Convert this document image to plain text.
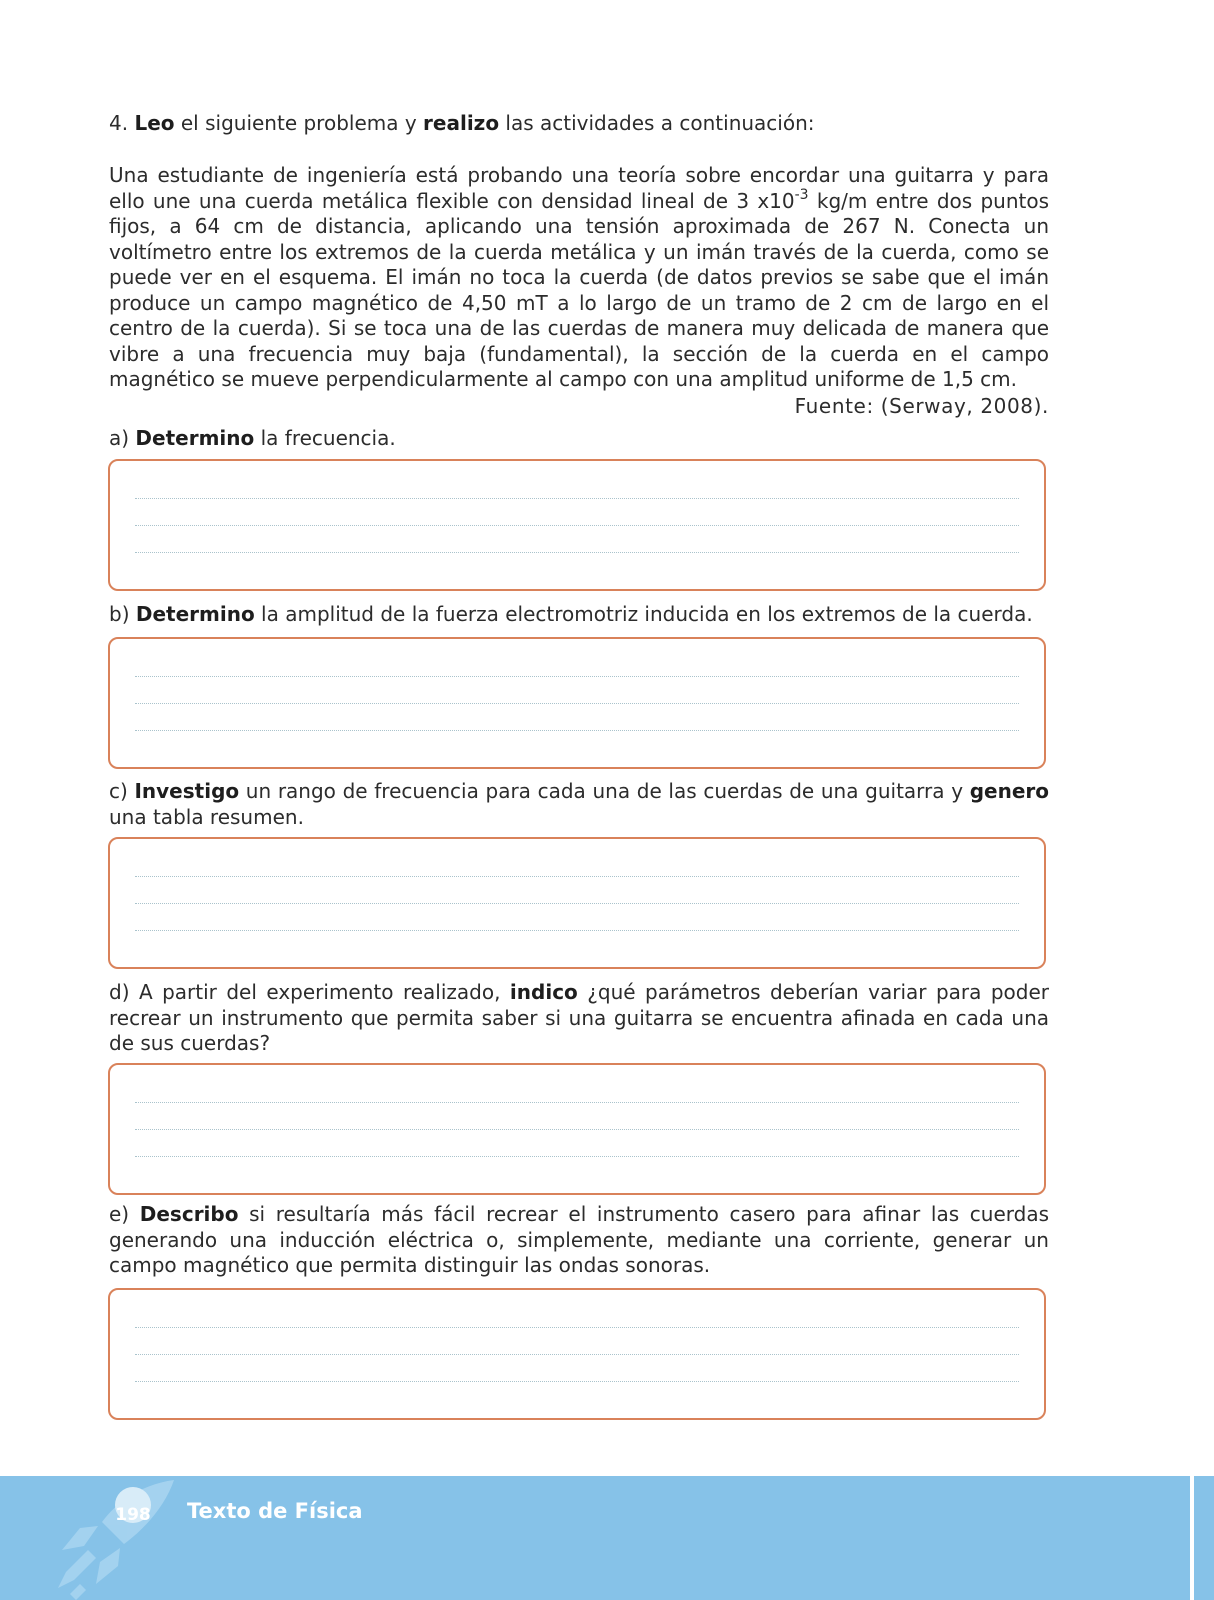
4. Leo el siguiente problema y realizo las actividades a continuación:

Una estudiante de ingeniería está probando una teoría sobre encordar una guitarra y para ello une una cuerda metálica flexible con densidad lineal de 3 $x10^{-3}$ kg/m entre dos puntos fijos, a 64 cm de distancia, aplicando una tensión aproximada de 267 N. Conecta un voltímetro entre los extremos de la cuerda metálica y un imán través de la cuerda, como se puede ver en el esquema. El imán no toca la cuerda (de datos previos se sabe que el imán produce un campo magnético de 4,50 mT a lo largo de un tramo de 2 cm de largo en el centro de la cuerda). Si se toca una de las cuerdas de manera muy delicada de manera que vibre a una frecuencia muy baja (fundamental), la sección de la cuerda en el campo magnético se mueve perpendicularmente al campo con una amplitud uniforme de 1,5 cm.

Fuente: (Serway, 2008).

a) Determino la frecuencia.

b) Determino la amplitud de la fuerza electromotriz inducida en los extremos de la cuerda.

c) Investigo un rango de frecuencia para cada una de las cuerdas de una guitarra y genero una tabla resumen.

d) A partir del experimento realizado, indico ¿qué parámetros deberían variar para poder recrear un instrumento que permita saber si una guitarra se encuentra afinada en cada una de sus cuerdas?

e) Describo si resultaría más fácil recrear el instrumento casero para afinar las cuerdas generando una inducción eléctrica o, simplemente, mediante una corriente, generar un campo magnético que permita distinguir las ondas sonoras.

198 Texto de Física
